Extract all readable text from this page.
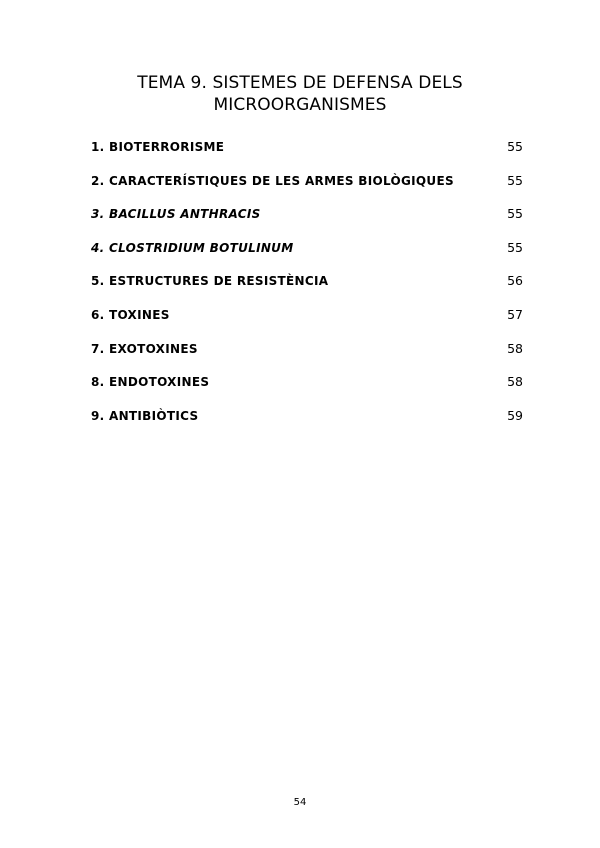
TEMA 9. SISTEMES DE DEFENSA DELS
MICROORGANISMES
1. BIOTERRORISME	55
2. CARACTERÍSTIQUES DE LES ARMES BIOLÒGIQUES	55
3. BACILLUS ANTHRACIS	55
4. CLOSTRIDIUM BOTULINUM	55
5. ESTRUCTURES DE RESISTÈNCIA	56
6. TOXINES	57
7. EXOTOXINES	58
8. ENDOTOXINES	58
9. ANTIBIÒTICS	59
54
